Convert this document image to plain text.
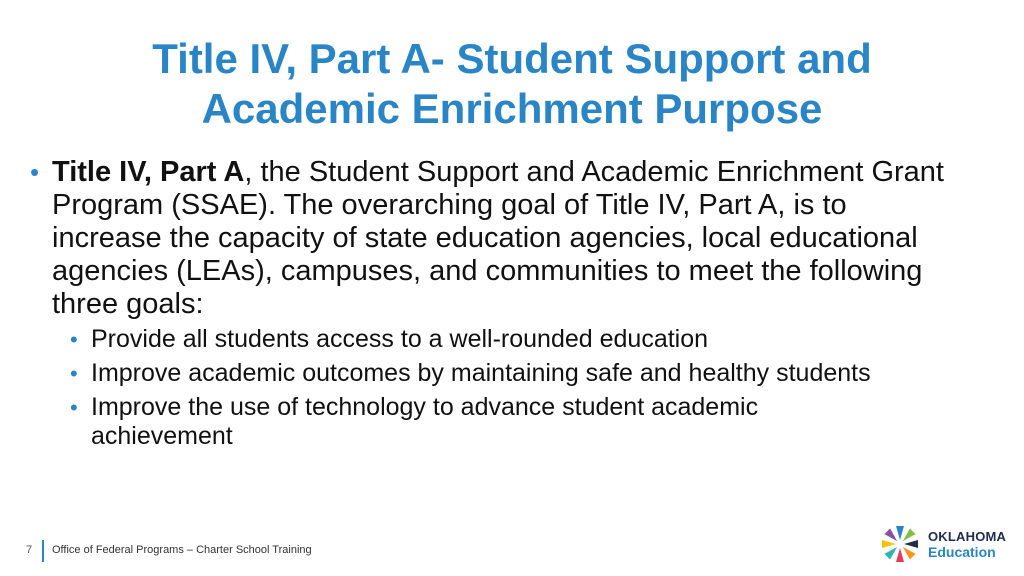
Title IV, Part A- Student Support and
Academic Enrichment Purpose

• Title IV, Part A, the Student Support and Academic Enrichment Grant Program (SSAE). The overarching goal of Title IV, Part A, is to increase the capacity of state education agencies, local educational agencies (LEAs), campuses, and communities to meet the following three goals:

• Provide all students access to a well-rounded education
• Improve academic outcomes by maintaining safe and healthy students
• Improve the use of technology to advance student academic achievement
7 Office of Federal Programs – Charter School Training
OKLAHOMA
Education
